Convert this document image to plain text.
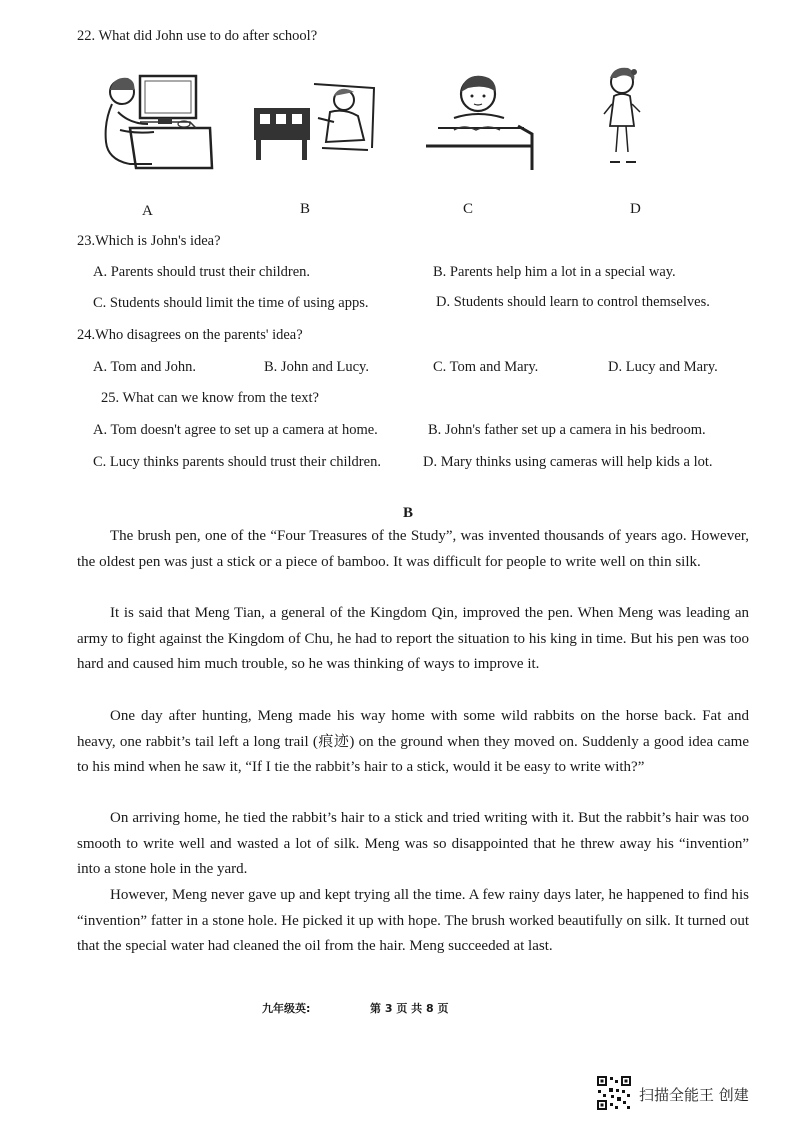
22. What did John use to do after school?
A	B	C	D
23.Which is John's idea?
A. Parents should trust their children.	B. Parents help him a lot in a special way.
C. Students should limit the time of using apps.	D. Students should learn to control themselves.
24.Who disagrees on the parents' idea?
A. Tom and John.	B. John and Lucy.	C. Tom and Mary.	D. Lucy and Mary.
25. What can we know from the text?
A. Tom doesn't agree to set up a camera at home.	B. John's father set up a camera in his bedroom.
C. Lucy thinks parents should trust their children.	D. Mary thinks using cameras will help kids a lot.
B

The brush pen, one of the “Four Treasures of the Study”, was invented thousands of years ago. However, the oldest pen was just a stick or a piece of bamboo. It was difficult for people to write well on thin silk.

It is said that Meng Tian, a general of the Kingdom Qin, improved the pen. When Meng was leading an army to fight against the Kingdom of Chu, he had to report the situation to his king in time. But his pen was too hard and caused him much trouble, so he was thinking of ways to improve it.

One day after hunting, Meng made his way home with some wild rabbits on the horse back. Fat and heavy, one rabbit’s tail left a long trail (痕迹) on the ground when they moved on. Suddenly a good idea came to his mind when he saw it, “If I tie the rabbit’s hair to a stick, would it be easy to write with?”

On arriving home, he tied the rabbit’s hair to a stick and tried writing with it. But the rabbit’s hair was too smooth to write well and wasted a lot of silk. Meng was so disappointed that he threw away his “invention” into a stone hole in the yard.

However, Meng never gave up and kept trying all the time. A few rainy days later, he happened to find his “invention” fatter in a stone hole. He picked it up with hope. The brush worked beautifully on silk. It turned out that the special water had cleaned the oil from the hair. Meng succeeded at last.

九年级英:	第 3 页 共 8 页
扫描全能王 创建
